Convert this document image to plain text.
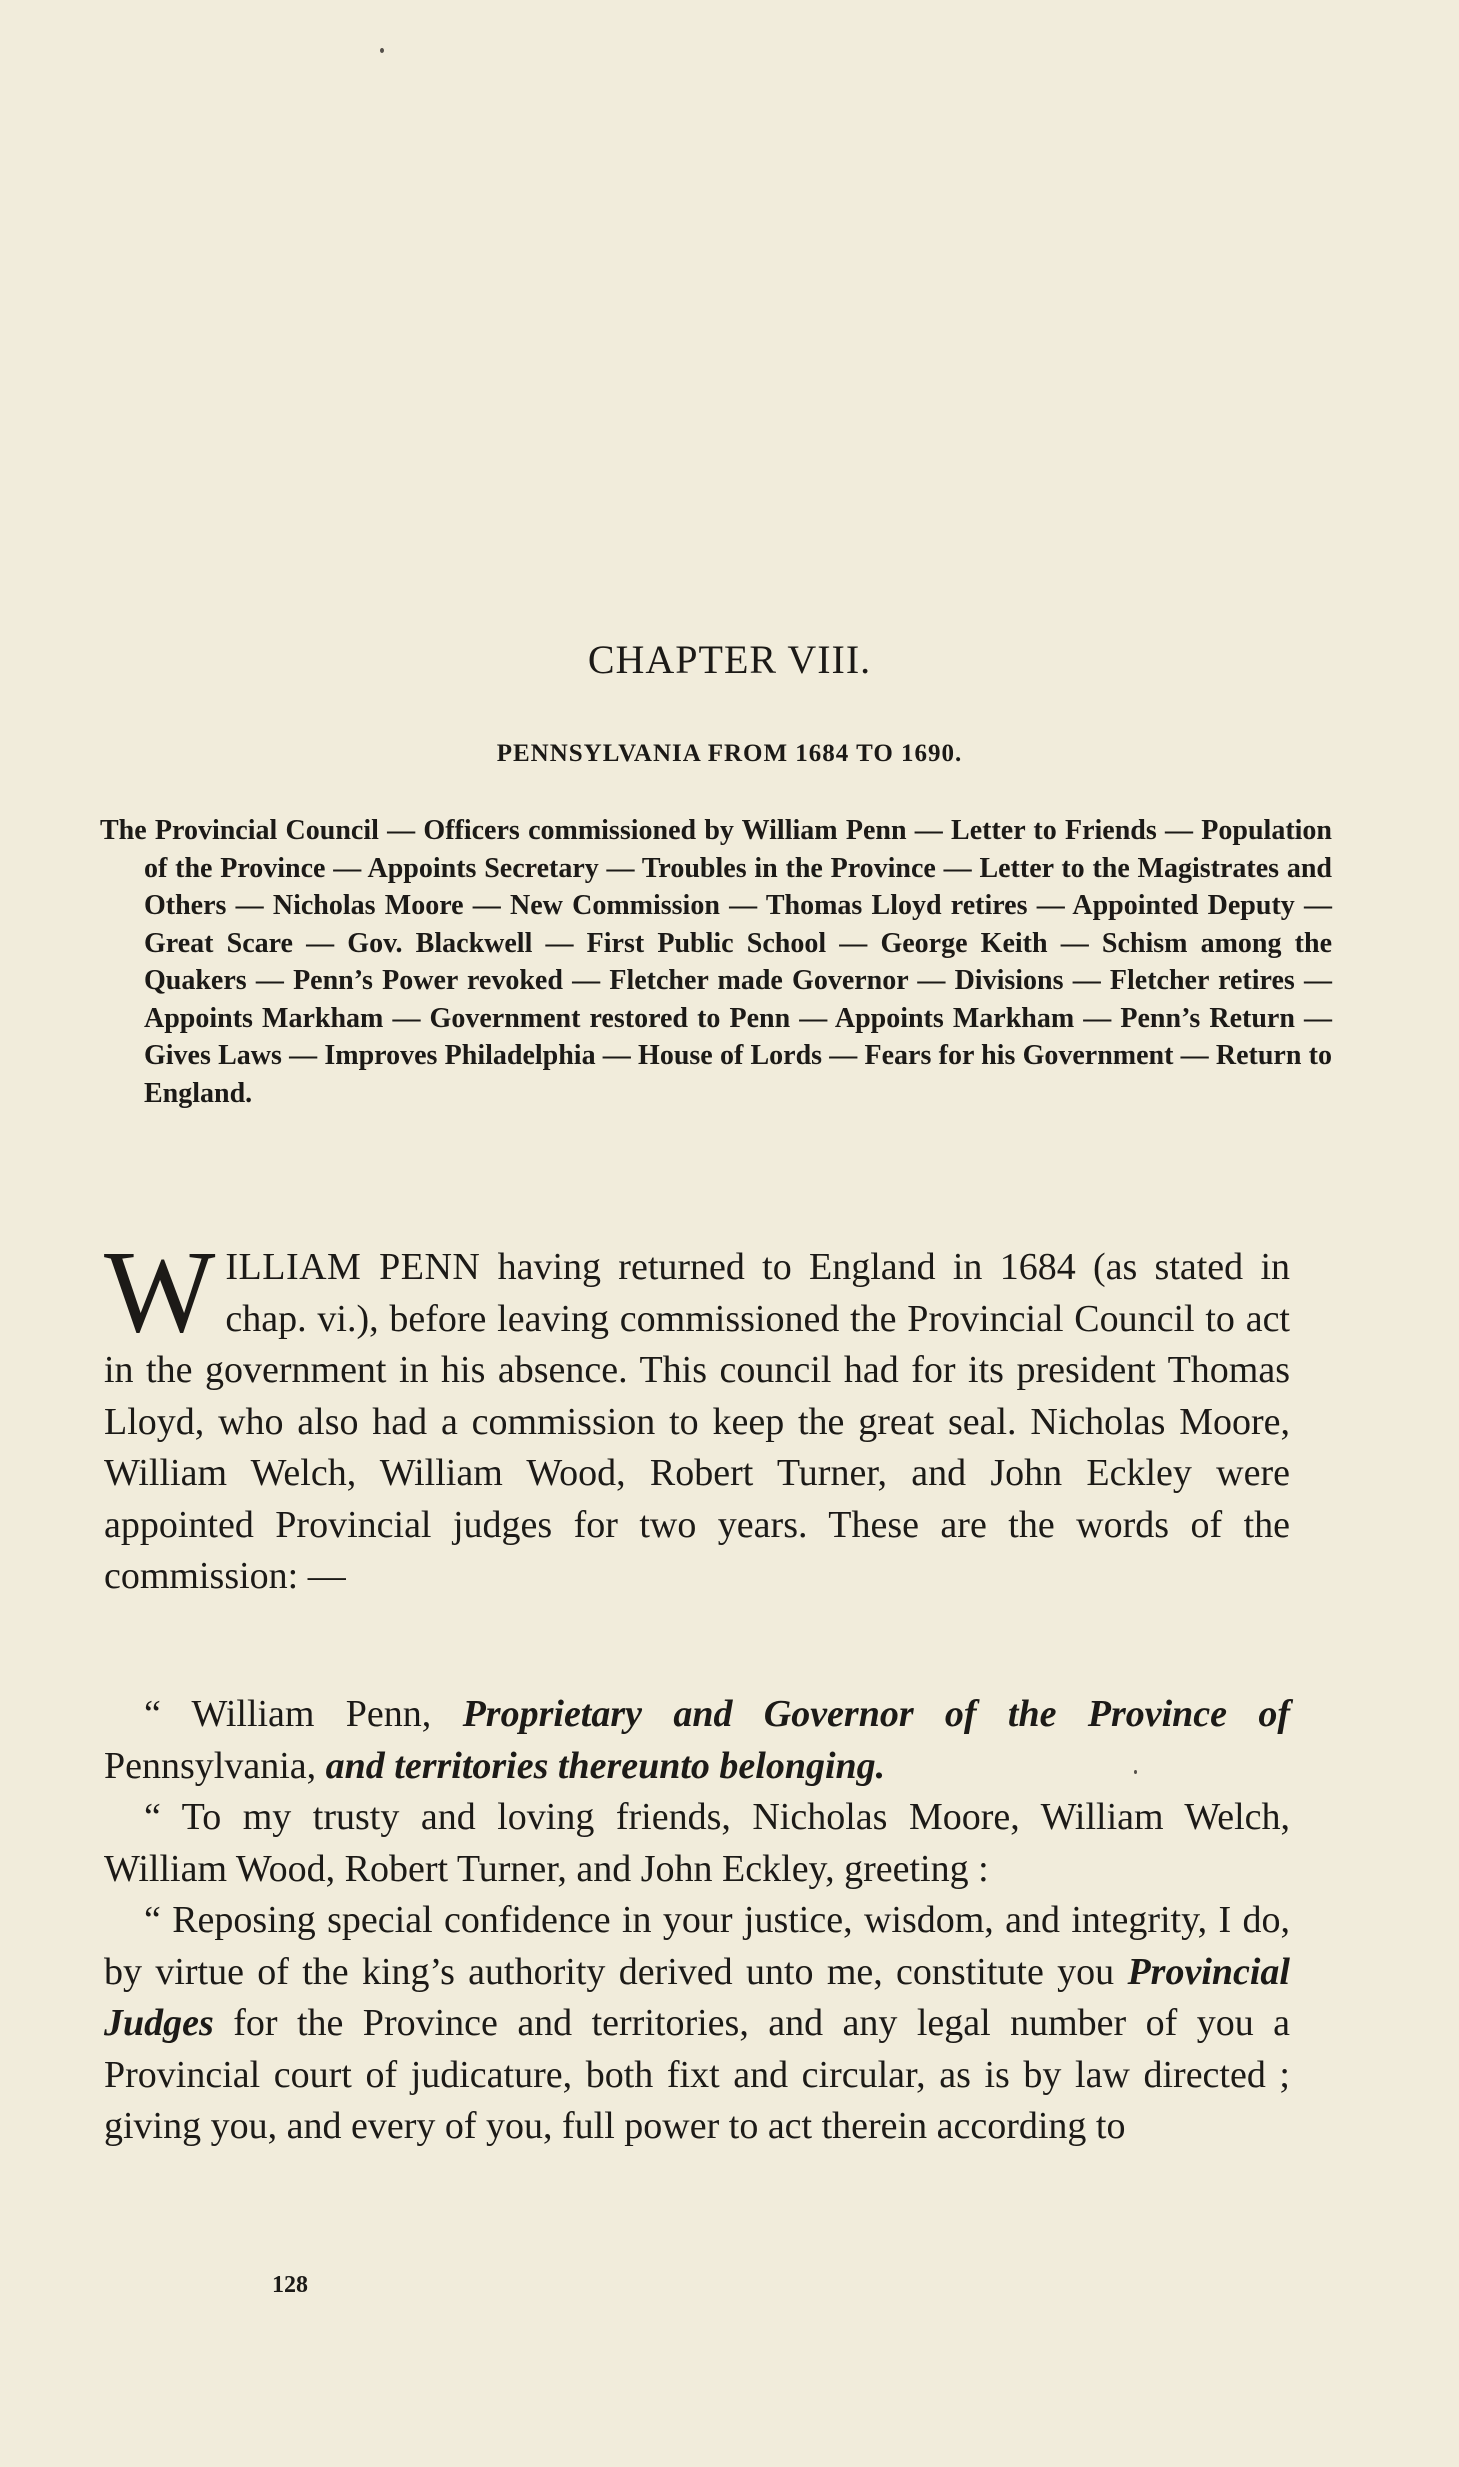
CHAPTER VIII.
PENNSYLVANIA FROM 1684 TO 1690.

The Provincial Council — Officers commissioned by William Penn — Letter to Friends — Population of the Province — Appoints Secretary — Troubles in the Province — Letter to the Magistrates and Others — Nicholas Moore — New Commission — Thomas Lloyd retires — Appointed Deputy — Great Scare — Gov. Blackwell — First Public School — George Keith — Schism among the Quakers — Penn’s Power revoked — Fletcher made Governor — Divisions — Fletcher retires — Appoints Markham — Government restored to Penn — Appoints Markham — Penn’s Return — Gives Laws — Improves Philadelphia — House of Lords — Fears for his Government — Return to England.

WILLIAM PENN having returned to England in 1684 (as stated in chap. vi.), before leaving commissioned the Provincial Council to act in the government in his absence. This council had for its president Thomas Lloyd, who also had a commission to keep the great seal. Nicholas Moore, William Welch, William Wood, Robert Turner, and John Eckley were appointed Provincial judges for two years. These are the words of the commission: —

“ William Penn, Proprietary and Governor of the Province of Pennsylvania, and territories thereunto belonging.

“ To my trusty and loving friends, Nicholas Moore, William Welch, William Wood, Robert Turner, and John Eckley, greeting :

“ Reposing special confidence in your justice, wisdom, and integrity, I do, by virtue of the king’s authority derived unto me, constitute you Provincial Judges for the Province and territories, and any legal number of you a Provincial court of judicature, both fixt and circular, as is by law directed ; giving you, and every of you, full power to act therein according to

128
